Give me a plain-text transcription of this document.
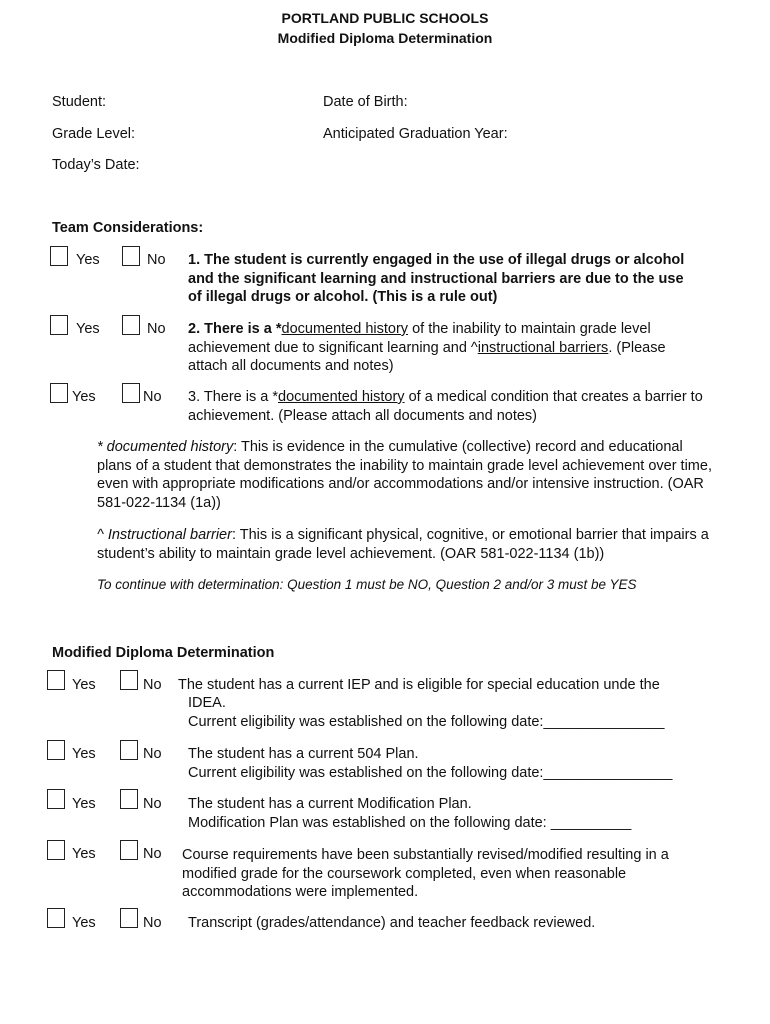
PORTLAND PUBLIC SCHOOLS
Modified Diploma Determination
Student:	Date of Birth:
Grade Level:	Anticipated Graduation Year:
Today’s Date:
Team Considerations:
Yes	No 1. The student is currently engaged in the use of illegal drugs or alcohol and the significant learning and instructional barriers are due to the use of illegal drugs or alcohol. (This is a rule out)
Yes	No 2. There is a *documented history of the inability to maintain grade level achievement due to significant learning and ^instructional barriers. (Please attach all documents and notes)
Yes	No 3. There is a *documented history of a medical condition that creates a barrier to achievement. (Please attach all documents and notes)
* documented history: This is evidence in the cumulative (collective) record and educational plans of a student that demonstrates the inability to maintain grade level achievement over time, even with appropriate modifications and/or accommodations and/or intensive instruction. (OAR 581-022-1134 (1a))
^ Instructional barrier: This is a significant physical, cognitive, or emotional barrier that impairs a student’s ability to maintain grade level achievement. (OAR 581-022-1134 (1b))
To continue with determination: Question 1 must be NO, Question 2 and/or 3 must be YES
Modified Diploma Determination
Yes	No The student has a current IEP and is eligible for special education unde the
IDEA.
Current eligibility was established on the following date:_______________
Yes	No The student has a current 504 Plan.
Current eligibility was established on the following date:________________
Yes	No The student has a current Modification Plan.
Modification Plan was established on the following date: __________
Yes	No Course requirements have been substantially revised/modified resulting in a modified grade for the coursework completed, even when reasonable accommodations were implemented.
Yes	No Transcript (grades/attendance) and teacher feedback reviewed.
